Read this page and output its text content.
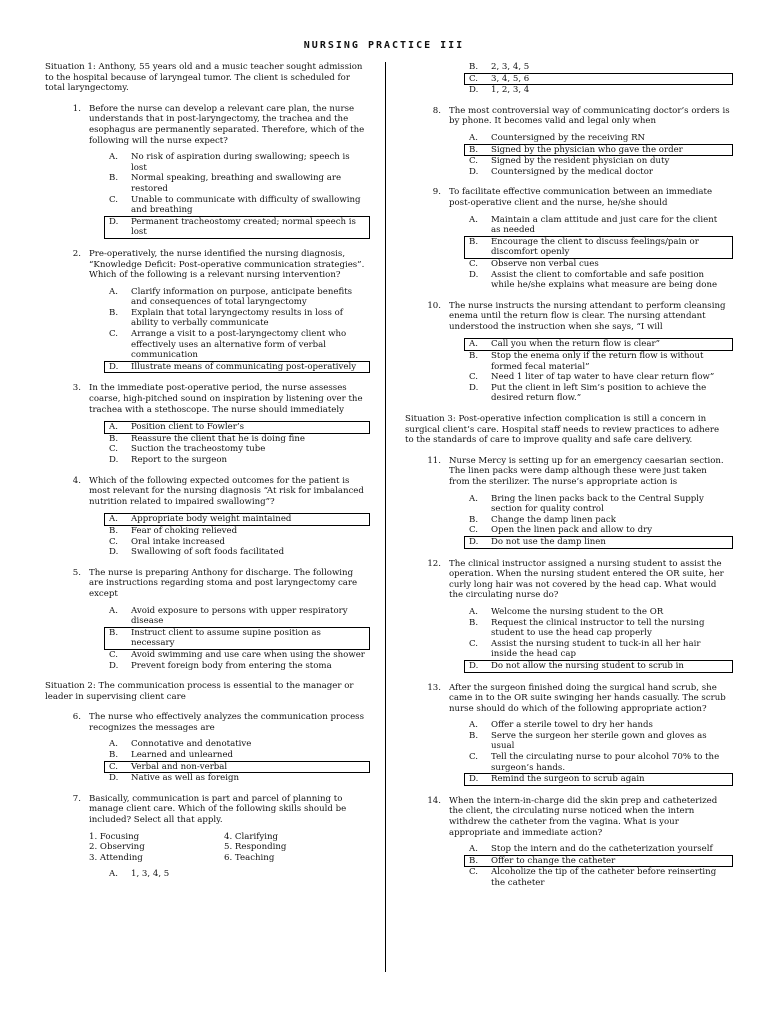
NURSING PRACTICE III
Situation 1: Anthony, 55 years old and a music teacher sought admission to the hospital because of laryngeal tumor. The client is scheduled for total laryngectomy.
1. Before the nurse can develop a relevant care plan, the nurse understands that in post-laryngectomy, the trachea and the esophagus are permanently separated. Therefore, which of the following will the nurse expect?
A.	No risk of aspiration during swallowing; speech is lost
B.	Normal speaking, breathing and swallowing are restored
C.	Unable to communicate with difficulty of swallowing and breathing
D.	Permanent tracheostomy created; normal speech is lost
2. Pre-operatively, the nurse identified the nursing diagnosis, “Knowledge Deficit: Post-operative communication strategies”. Which of the following is a relevant nursing intervention?
A.	Clarify information on purpose, anticipate benefits and consequences of total laryngectomy
B.	Explain that total laryngectomy results in loss of ability to verbally communicate
C.	Arrange a visit to a post-laryngectomy client who effectively uses an alternative form of verbal communication
D.	Illustrate means of communicating post-operatively
3. In the immediate post-operative period, the nurse assesses coarse, high-pitched sound on inspiration by listening over the trachea with a stethoscope. The nurse should immediately
A.	Position client to Fowler’s
B.	Reassure the client that he is doing fine
C.	Suction the tracheostomy tube
D.	Report to the surgeon
4. Which of the following expected outcomes for the patient is most relevant for the nursing diagnosis “At risk for imbalanced nutrition related to impaired swallowing”?
A.	Appropriate body weight maintained
B.	Fear of choking relieved
C.	Oral intake increased
D.	Swallowing of soft foods facilitated
5. The nurse is preparing Anthony for discharge. The following are instructions regarding stoma and post laryngectomy care except
A.	Avoid exposure to persons with upper respiratory disease
B.	Instruct client to assume supine position as necessary
C.	Avoid swimming and use care when using the shower
D.	Prevent foreign body from entering the stoma
Situation 2: The communication process is essential to the manager or leader in supervising client care
6. The nurse who effectively analyzes the communication process recognizes the messages are
A.	Connotative and denotative
B.	Learned and unlearned
C.	Verbal and non-verbal
D.	Native as well as foreign
7. Basically, communication is part and parcel of planning to manage client care. Which of the following skills should be included? Select all that apply.
1. Focusing	4. Clarifying
2. Observing	5. Responding
3. Attending	6. Teaching
A.	1, 3, 4, 5
B.	2, 3, 4, 5
C.	3, 4, 5, 6
D.	1, 2, 3, 4
8. The most controversial way of communicating doctor’s orders is by phone. It becomes valid and legal only when
A.	Countersigned by the receiving RN
B.	Signed by the physician who gave the order
C.	Signed by the resident physician on duty
D.	Countersigned by the medical doctor
9. To facilitate effective communication between an immediate post-operative client and the nurse, he/she should
A.	Maintain a clam attitude and just care for the client as needed
B.	Encourage the client to discuss feelings/pain or discomfort openly
C.	Observe non verbal cues
D.	Assist the client to comfortable and safe position while he/she explains what measure are being done
10. The nurse instructs the nursing attendant to perform cleansing enema until the return flow is clear. The nursing attendant understood the instruction when she says, “I will
A.	Call you when the return flow is clear”
B.	Stop the enema only if the return flow is without formed fecal material”
C.	Need 1 liter of tap water to have clear return flow”
D.	Put the client in left Sim’s position to achieve the desired return flow.”
Situation 3: Post-operative infection complication is still a concern in surgical client’s care. Hospital staff needs to review practices to adhere to the standards of care to improve quality and safe care delivery.
11. Nurse Mercy is setting up for an emergency caesarian section. The linen packs were damp although these were just taken from the sterilizer. The nurse’s appropriate action is
A.	Bring the linen packs back to the Central Supply section for quality control
B.	Change the damp linen pack
C.	Open the linen pack and allow to dry
D.	Do not use the damp linen
12. The clinical instructor assigned a nursing student to assist the operation. When the nursing student entered the OR suite, her curly long hair was not covered by the head cap. What would the circulating nurse do?
A.	Welcome the nursing student to the OR
B.	Request the clinical instructor to tell the nursing student to use the head cap properly
C.	Assist the nursing student to tuck-in all her hair inside the head cap
D.	Do not allow the nursing student to scrub in
13. After the surgeon finished doing the surgical hand scrub, she came in to the OR suite swinging her hands casually. The scrub nurse should do which of the following appropriate action?
A.	Offer a sterile towel to dry her hands
B.	Serve the surgeon her sterile gown and gloves as usual
C.	Tell the circulating nurse to pour alcohol 70% to the surgeon’s hands.
D.	Remind the surgeon to scrub again
14. When the intern-in-charge did the skin prep and catheterized the client, the circulating nurse noticed when the intern withdrew the catheter from the vagina. What is your appropriate and immediate action?
A.	Stop the intern and do the catheterization yourself
B.	Offer to change the catheter
C.	Alcoholize the tip of the catheter before reinserting the catheter
